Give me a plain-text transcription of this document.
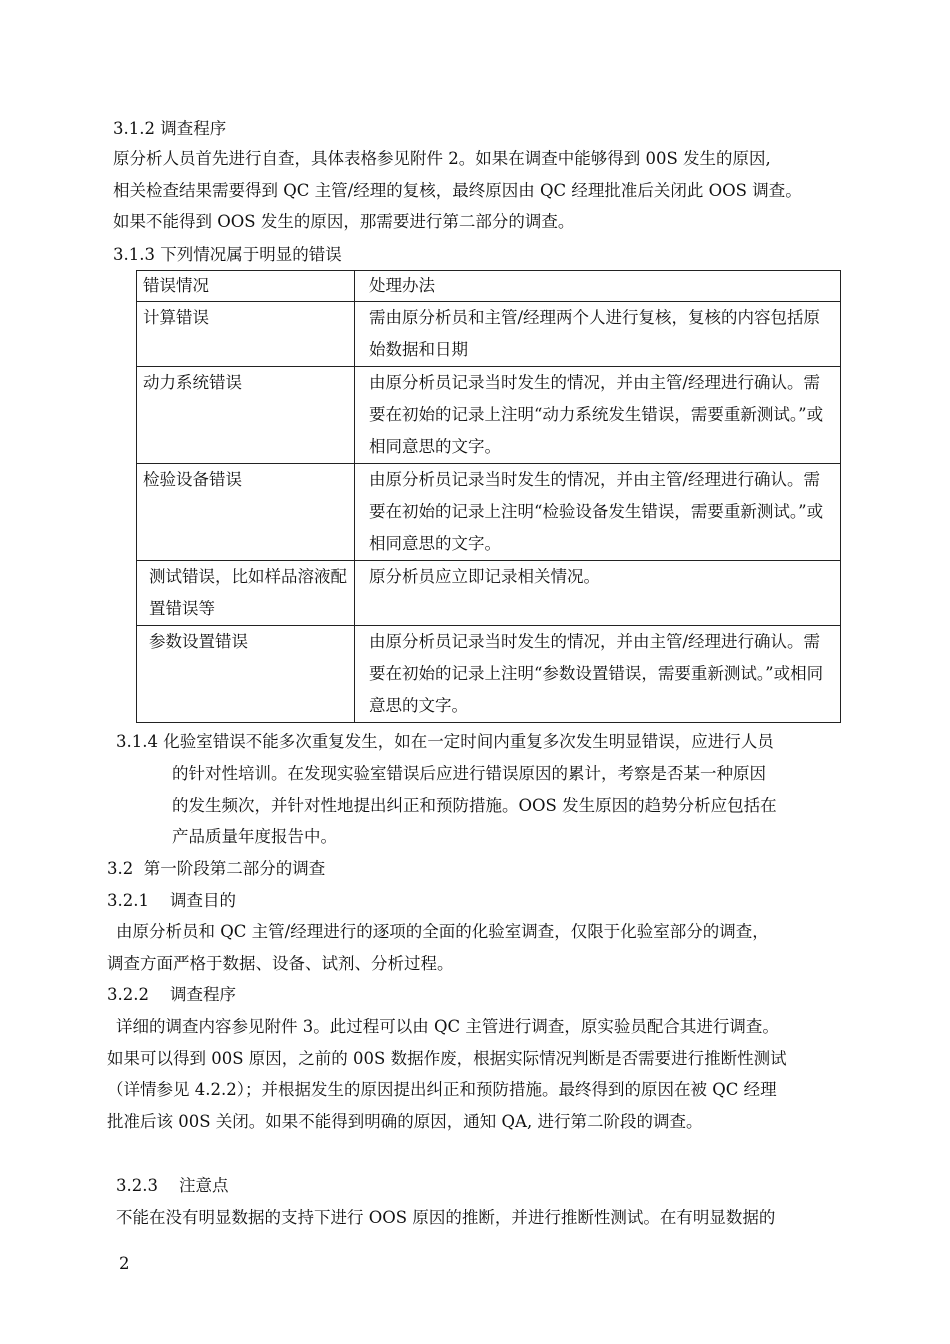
3.1.2 调查程序
原分析人员首先进行自查，具体表格参见附件 2。如果在调查中能够得到 00S 发生的原因,
相关检查结果需要得到 QC 主管/经理的复核，最终原因由 QC 经理批准后关闭此 OOS 调查。
如果不能得到 OOS 发生的原因，那需要进行第二部分的调查。
3.1.3 下列情况属于明显的错误
错误情况	处理办法
计算错误	需由原分析员和主管/经理两个人进行复核，复核的内容包括原始数据和日期
动力系统错误	由原分析员记录当时发生的情况，并由主管/经理进行确认。需要在初始的记录上注明“动力系统发生错误，需要重新测试。”或相同意思的文字。
检验设备错误	由原分析员记录当时发生的情况，并由主管/经理进行确认。需要在初始的记录上注明“检验设备发生错误，需要重新测试。”或相同意思的文字。
测试错误，比如样品溶液配置错误等	原分析员应立即记录相关情况。
参数设置错误	由原分析员记录当时发生的情况，并由主管/经理进行确认。需要在初始的记录上注明“参数设置错误，需要重新测试。”或相同意思的文字。
3.1.4 化验室错误不能多次重复发生，如在一定时间内重复多次发生明显错误，应进行人员
的针对性培训。在发现实验室错误后应进行错误原因的累计，考察是否某一种原因
的发生频次，并针对性地提出纠正和预防措施。OOS 发生原因的趋势分析应包括在
产品质量年度报告中。
3.2  第一阶段第二部分的调查
3.2.1    调查目的
由原分析员和 QC 主管/经理进行的逐项的全面的化验室调查，仅限于化验室部分的调查，
调查方面严格于数据、设备、试剂、分析过程。
3.2.2    调查程序
详细的调查内容参见附件 3。此过程可以由 QC 主管进行调查，原实验员配合其进行调查。
如果可以得到 00S 原因，之前的 00S 数据作废，根据实际情况判断是否需要进行推断性测试
（详情参见 4.2.2）；并根据发生的原因提出纠正和预防措施。最终得到的原因在被 QC 经理
批准后该 00S 关闭。如果不能得到明确的原因，通知 QA, 进行第二阶段的调查。
3.2.3    注意点
不能在没有明显数据的支持下进行 OOS 原因的推断，并进行推断性测试。在有明显数据的
2
